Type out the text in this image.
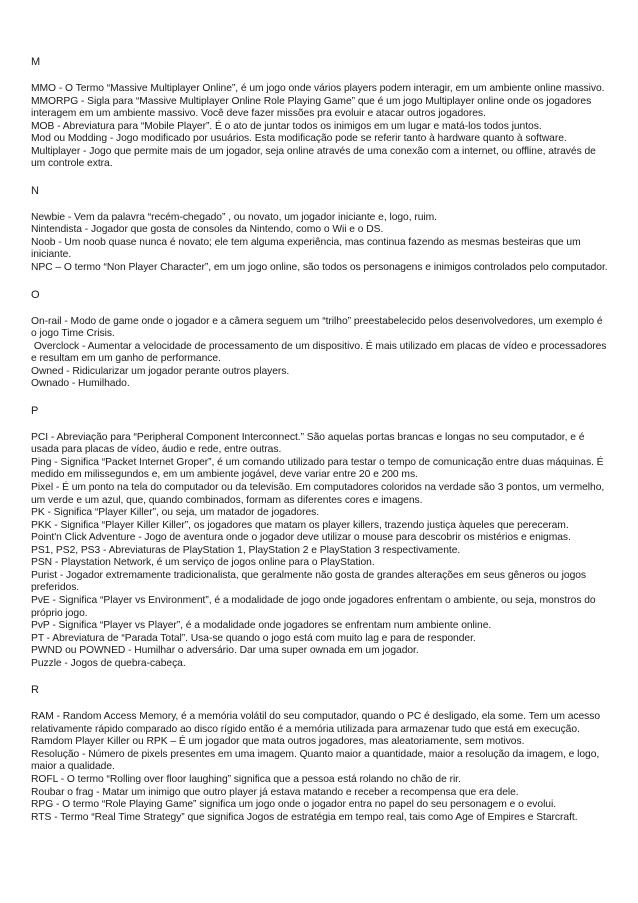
M

MMO - O Termo “Massive Multiplayer Online”, é um jogo onde vários players podem interagir, em um ambiente online massivo.

MMORPG - Sigla para “Massive Multiplayer Online Role Playing Game” que é um jogo Multiplayer online onde os jogadores interagem em um ambiente massivo. Você deve fazer missões pra evoluir e atacar outros jogadores.

MOB - Abreviatura para “Mobile Player”. É o ato de juntar todos os inimigos em um lugar e matá-los todos juntos.

Mod ou Modding - Jogo modificado por usuários. Esta modificação pode se referir tanto à hardware quanto à software.

Multiplayer - Jogo que permite mais de um jogador, seja online através de uma conexão com a internet, ou offline, através de um controle extra.

N

Newbie - Vem da palavra “recém-chegado” , ou novato, um jogador iniciante e, logo, ruim.

Nintendista - Jogador que gosta de consoles da Nintendo, como o Wii e o DS.

Noob - Um noob quase nunca é novato; ele tem alguma experiência, mas continua fazendo as mesmas besteiras que um iniciante.

NPC – O termo “Non Player Character”, em um jogo online, são todos os personagens e inimigos controlados pelo computador.

O

On-rail - Modo de game onde o jogador e a câmera seguem um “trilho” preestabelecido pelos desenvolvedores, um exemplo é o jogo Time Crisis.

Overclock - Aumentar a velocidade de processamento de um dispositivo. É mais utilizado em placas de vídeo e processadores e resultam em um ganho de performance.

Owned - Ridicularizar um jogador perante outros players.

Ownado - Humilhado.

P

PCI - Abreviação para “Peripheral Component Interconnect.” São aquelas portas brancas e longas no seu computador, e é usada para placas de vídeo, áudio e rede, entre outras.

Ping - Significa “Packet Internet Groper”, é um comando utilizado para testar o tempo de comunicação entre duas máquinas. É medido em milissegundos e, em um ambiente jogável, deve variar entre 20 e 200 ms.

Pixel - É um ponto na tela do computador ou da televisão. Em computadores coloridos na verdade são 3 pontos, um vermelho, um verde e um azul, que, quando combinados, formam as diferentes cores e imagens.

PK - Significa “Player Killer”, ou seja, um matador de jogadores.

PKK - Significa “Player Killer Killer”, os jogadores que matam os player killers, trazendo justiça àqueles que pereceram.

Point'n Click Adventure - Jogo de aventura onde o jogador deve utilizar o mouse para descobrir os mistérios e enigmas.

PS1, PS2, PS3 - Abreviaturas de PlayStation 1, PlayStation 2 e PlayStation 3 respectivamente.

PSN - Playstation Network, é um serviço de jogos online para o PlayStation.

Purist - Jogador extremamente tradicionalista, que geralmente não gosta de grandes alterações em seus gêneros ou jogos preferidos.

PvE - Significa “Player vs Environment”, é a modalidade de jogo onde jogadores enfrentam o ambiente, ou seja, monstros do próprio jogo.

PvP - Significa “Player vs Player”, é a modalidade onde jogadores se enfrentam num ambiente online.

PT - Abreviatura de “Parada Total”. Usa-se quando o jogo está com muito lag e para de responder.

PWND ou POWNED - Humilhar o adversário. Dar uma super ownada em um jogador.

Puzzle - Jogos de quebra-cabeça.

R

RAM - Random Access Memory, é a memória volátil do seu computador, quando o PC é desligado, ela some. Tem um acesso relativamente rápido comparado ao disco rígido então é a memória utilizada para armazenar tudo que está em execução.

Ramdom Player Killer ou RPK – É um jogador que mata outros jogadores, mas aleatoriamente, sem motivos.

Resolução - Número de pixels presentes em uma imagem. Quanto maior a quantidade, maior a resolução da imagem, e logo, maior a qualidade.

ROFL - O termo “Rolling over floor laughing” significa que a pessoa está rolando no chão de rir.

Roubar o frag - Matar um inimigo que outro player já estava matando e receber a recompensa que era dele.

RPG - O termo “Role Playing Game” significa um jogo onde o jogador entra no papel do seu personagem e o evolui.

RTS - Termo “Real Time Strategy” que significa Jogos de estratégia em tempo real, tais como Age of Empires e Starcraft.
